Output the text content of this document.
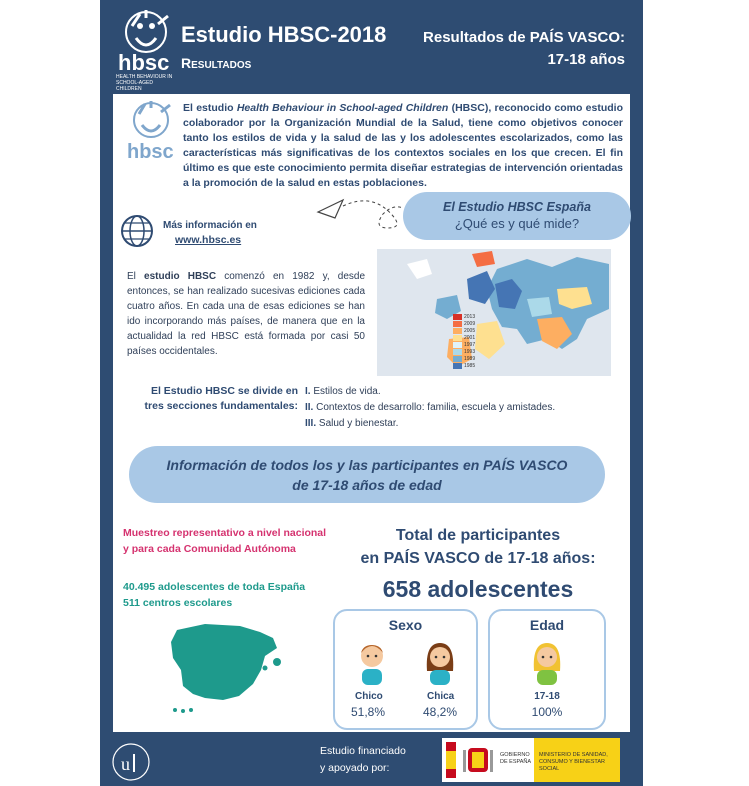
hbsc
HEALTH BEHAVIOUR IN SCHOOL-AGED CHILDREN
Estudio HBSC-2018
Resultados
Resultados de PAÍS VASCO:
17-18 años
hbsc
El estudio Health Behaviour in School-aged Children (HBSC), reconocido como estudio colaborador por la Organización Mundial de la Salud, tiene como objetivos conocer tanto los estilos de vida y la salud de las y los adolescentes escolarizados, como las características más significativas de los contextos sociales en los que crecen. El fin último es que este conocimiento permita diseñar estrategias de intervención orientadas a la promoción de la salud en estas poblaciones.
Más información en
www.hbsc.es
El Estudio HBSC España
¿Qué es y qué mide?
El estudio HBSC comenzó en 1982 y, desde entonces, se han realizado sucesivas ediciones cada cuatro años. En cada una de esas ediciones se han ido incorporando más países, de manera que en la actualidad la red HBSC está formada por casi 50 países occidentales.
2013
2009
2005
2001
1997
1993
1989
1985
El Estudio HBSC se divide en tres secciones fundamentales:
I. Estilos de vida.
II. Contextos de desarrollo: familia, escuela y amistades.
III. Salud y bienestar.
Información de todos los y las participantes en PAÍS VASCO
de 17-18 años de edad
Muestreo representativo a nivel nacional
y para cada Comunidad Autónoma
Total de participantes
en PAÍS VASCO de 17-18 años:
658 adolescentes
40.495 adolescentes de toda España
511 centros escolares
Sexo
Chico
51,8%
Chica
48,2%
Edad
17-18
100%
u
Estudio financiado
y apoyado por:
GOBIERNO DE ESPAÑA
MINISTERIO DE SANIDAD, CONSUMO Y BIENESTAR SOCIAL
